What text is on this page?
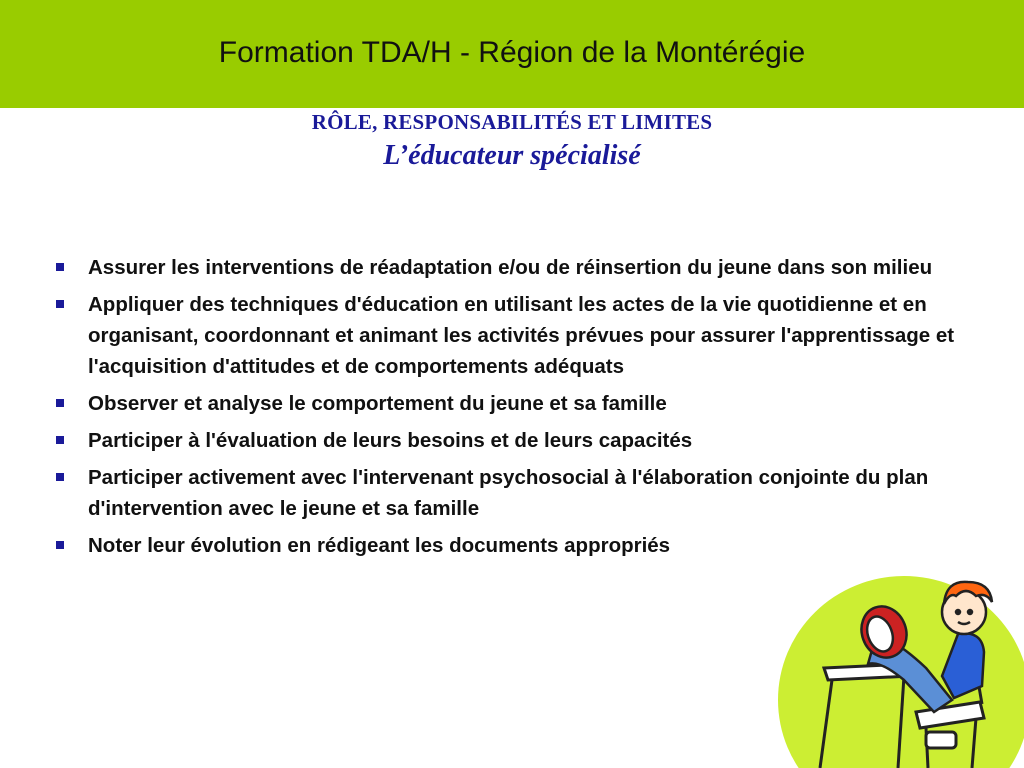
Formation TDA/H - Région de la Montérégie
RÔLE, RESPONSABILITÉS ET LIMITES
L’éducateur spécialisé
Assurer les interventions de réadaptation e/ou de réinsertion du jeune dans son milieu
Appliquer des techniques d'éducation en utilisant les actes de la vie quotidienne et en organisant, coordonnant et animant les activités prévues pour assurer l'apprentissage et l'acquisition d'attitudes et de comportements adéquats
Observer et analyse le comportement du jeune et sa famille
Participer à l'évaluation de leurs besoins et de leurs capacités
Participer activement avec l'intervenant psychosocial à l'élaboration conjointe du plan d'intervention avec le jeune et sa famille
Noter leur évolution en rédigeant les documents appropriés
